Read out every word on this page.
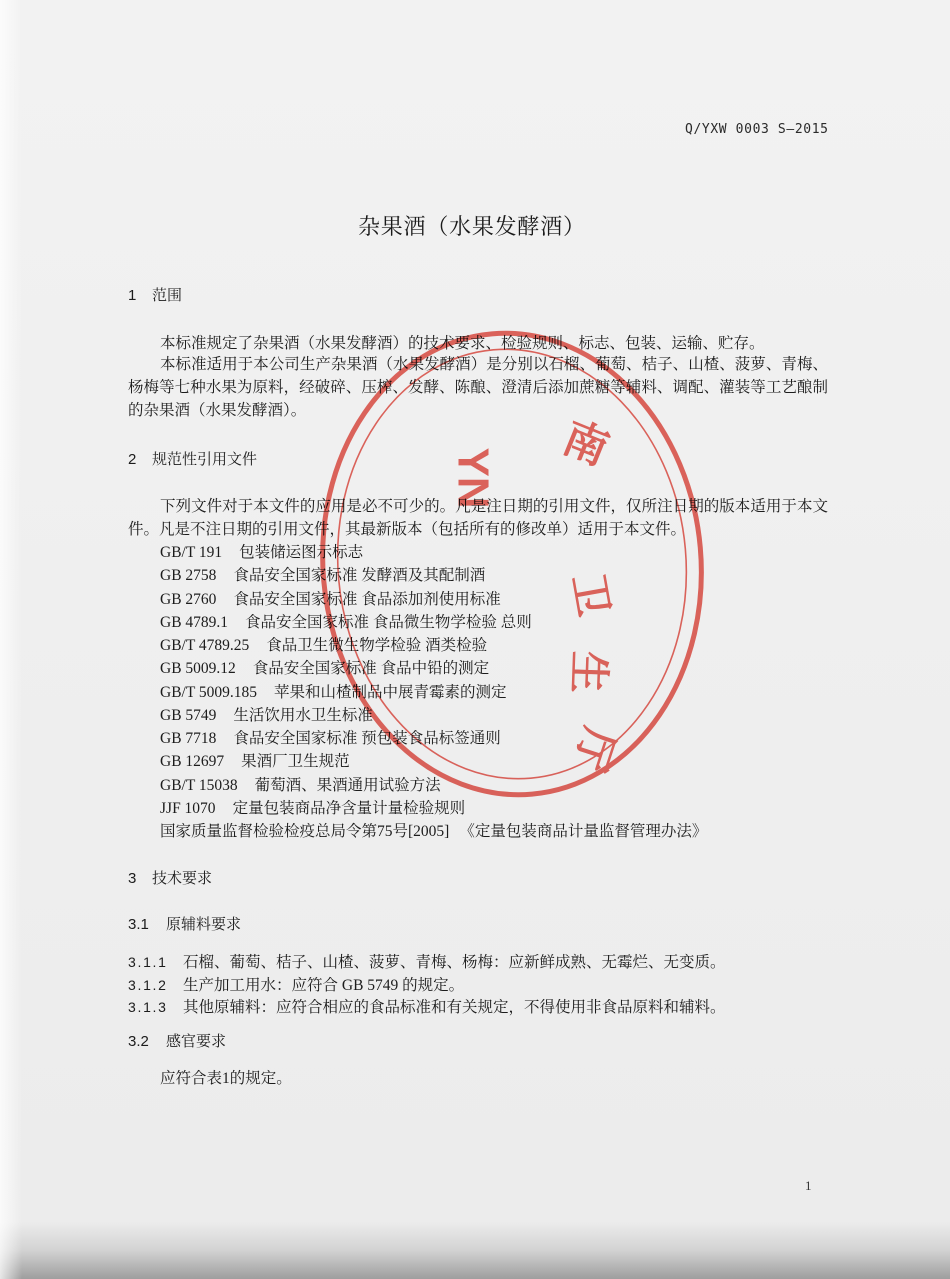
Q/YXW 0003 S—2015
杂果酒（水果发酵酒）
1 范围
本标准规定了杂果酒（水果发酵酒）的技术要求、检验规则、标志、包装、运输、贮存。
本标准适用于本公司生产杂果酒（水果发酵酒）是分别以石榴、葡萄、桔子、山楂、菠萝、青梅、
杨梅等七种水果为原料，经破碎、压榨、发酵、陈酿、澄清后添加蔗糖等辅料、调配、灌装等工艺酿制
的杂果酒（水果发酵酒）。
2 规范性引用文件
下列文件对于本文件的应用是必不可少的。凡是注日期的引用文件，仅所注日期的版本适用于本文
件。凡是不注日期的引用文件，其最新版本（包括所有的修改单）适用于本文件。
GB/T 191 包装储运图示标志
GB 2758 食品安全国家标准 发酵酒及其配制酒
GB 2760 食品安全国家标准 食品添加剂使用标准
GB 4789.1 食品安全国家标准 食品微生物学检验 总则
GB/T 4789.25 食品卫生微生物学检验 酒类检验
GB 5009.12 食品安全国家标准 食品中铅的测定
GB/T 5009.185 苹果和山楂制品中展青霉素的测定
GB 5749 生活饮用水卫生标准
GB 7718 食品安全国家标准 预包装食品标签通则
GB 12697 果酒厂卫生规范
GB/T 15038 葡萄酒、果酒通用试验方法
JJF 1070 定量包装商品净含量计量检验规则
国家质量监督检验检疫总局令第75号[2005] 《定量包装商品计量监督管理办法》
3 技术要求
3.1 原辅料要求
3.1.1 石榴、葡萄、桔子、山楂、菠萝、青梅、杨梅：应新鲜成熟、无霉烂、无变质。
3.1.2 生产加工用水：应符合 GB 5749 的规定。
3.1.3 其他原辅料：应符合相应的食品标准和有关规定，不得使用非食品原料和辅料。
3.2 感官要求
应符合表1的规定。
1
YN
南
卫
生
厅
